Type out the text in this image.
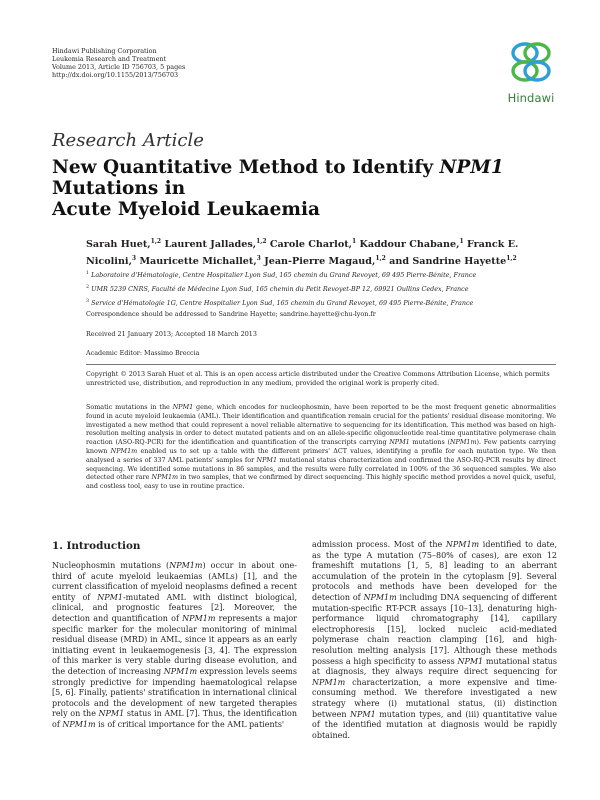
Hindawi Publishing Corporation
Leukemia Research and Treatment
Volume 2013, Article ID 756703, 5 pages
http://dx.doi.org/10.1155/2013/756703
Hindawi
Research Article
New Quantitative Method to Identify NPM1 Mutations in
Acute Myeloid Leukaemia
Sarah Huet,$^{1,2}$ Laurent Jallades,$^{1,2}$ Carole Charlot,$^1$ Kaddour Chabane,$^1$ Franck E. Nicolini,$^3$ Mauricette Michallet,$^3$ Jean-Pierre Magaud,$^{1,2}$ and Sandrine Hayette$^{1,2}$
$^1$ Laboratoire d'Hématologie, Centre Hospitalier Lyon Sud, 165 chemin du Grand Revoyet, 69 495 Pierre-Bénite, France
$^2$ UMR 5239 CNRS, Faculté de Médecine Lyon Sud, 165 chemin du Petit Revoyet-BP 12, 69921 Oullins Cedex, France
$^3$ Service d'Hématologie 1G, Centre Hospitalier Lyon Sud, 165 chemin du Grand Revoyet, 69 495 Pierre-Bénite, France
Correspondence should be addressed to Sandrine Hayette; sandrine.hayette@chu-lyon.fr
Received 21 January 2013; Accepted 18 March 2013
Academic Editor: Massimo Breccia
Copyright © 2013 Sarah Huet et al. This is an open access article distributed under the Creative Commons Attribution License, which permits unrestricted use, distribution, and reproduction in any medium, provided the original work is properly cited.
Somatic mutations in the NPM1 gene, which encodes for nucleophosmin, have been reported to be the most frequent genetic abnormalities found in acute myeloid leukaemia (AML). Their identification and quantification remain crucial for the patients' residual disease monitoring. We investigated a new method that could represent a novel reliable alternative to sequencing for its identification. This method was based on high-resolution melting analysis in order to detect mutated patients and on an allele-specific oligonucleotide real-time quantitative polymerase chain reaction (ASO-RQ-PCR) for the identification and quantification of the transcripts carrying NPM1 mutations (NPM1m). Few patients carrying known NPM1m enabled us to set up a table with the different primers' ΔCT values, identifying a profile for each mutation type. We then analysed a series of 337 AML patients' samples for NPM1 mutational status characterization and confirmed the ASO-RQ-PCR results by direct sequencing. We identified some mutations in 86 samples, and the results were fully correlated in 100% of the 36 sequenced samples. We also detected other rare NPM1m in two samples, that we confirmed by direct sequencing. This highly specific method provides a novel quick, useful, and costless tool, easy to use in routine practice.
1. Introduction
Nucleophosmin mutations (NPM1m) occur in about one-third of acute myeloid leukaemias (AMLs) [1], and the current classification of myeloid neoplasms defined a recent entity of NPM1-mutated AML with distinct biological, clinical, and prognostic features [2]. Moreover, the detection and quantification of NPM1m represents a major specific marker for the molecular monitoring of minimal residual disease (MRD) in AML, since it appears as an early initiating event in leukaemogenesis [3, 4]. The expression of this marker is very stable during disease evolution, and the detection of increasing NPM1m expression levels seems strongly predictive for impending haematological relapse [5, 6]. Finally, patients' stratification in international clinical protocols and the development of new targeted therapies rely on the NPM1 status in AML [7]. Thus, the identification of NPM1m is of critical importance for the AML patients'
admission process. Most of the NPM1m identified to date, as the type A mutation (75–80% of cases), are exon 12 frameshift mutations [1, 5, 8] leading to an aberrant accumulation of the protein in the cytoplasm [9]. Several protocols and methods have been developed for the detection of NPM1m including DNA sequencing of different mutation-specific RT-PCR assays [10–13], denaturing high-performance liquid chromatography [14], capillary electrophoresis [15], locked nucleic acid-mediated polymerase chain reaction clamping [16], and high-resolution melting analysis [17]. Although these methods possess a high specificity to assess NPM1 mutational status at diagnosis, they always require direct sequencing for NPM1m characterization, a more expensive and time-consuming method. We therefore investigated a new strategy where (i) mutational status, (ii) distinction between NPM1 mutation types, and (iii) quantitative value of the identified mutation at diagnosis would be rapidly obtained.
